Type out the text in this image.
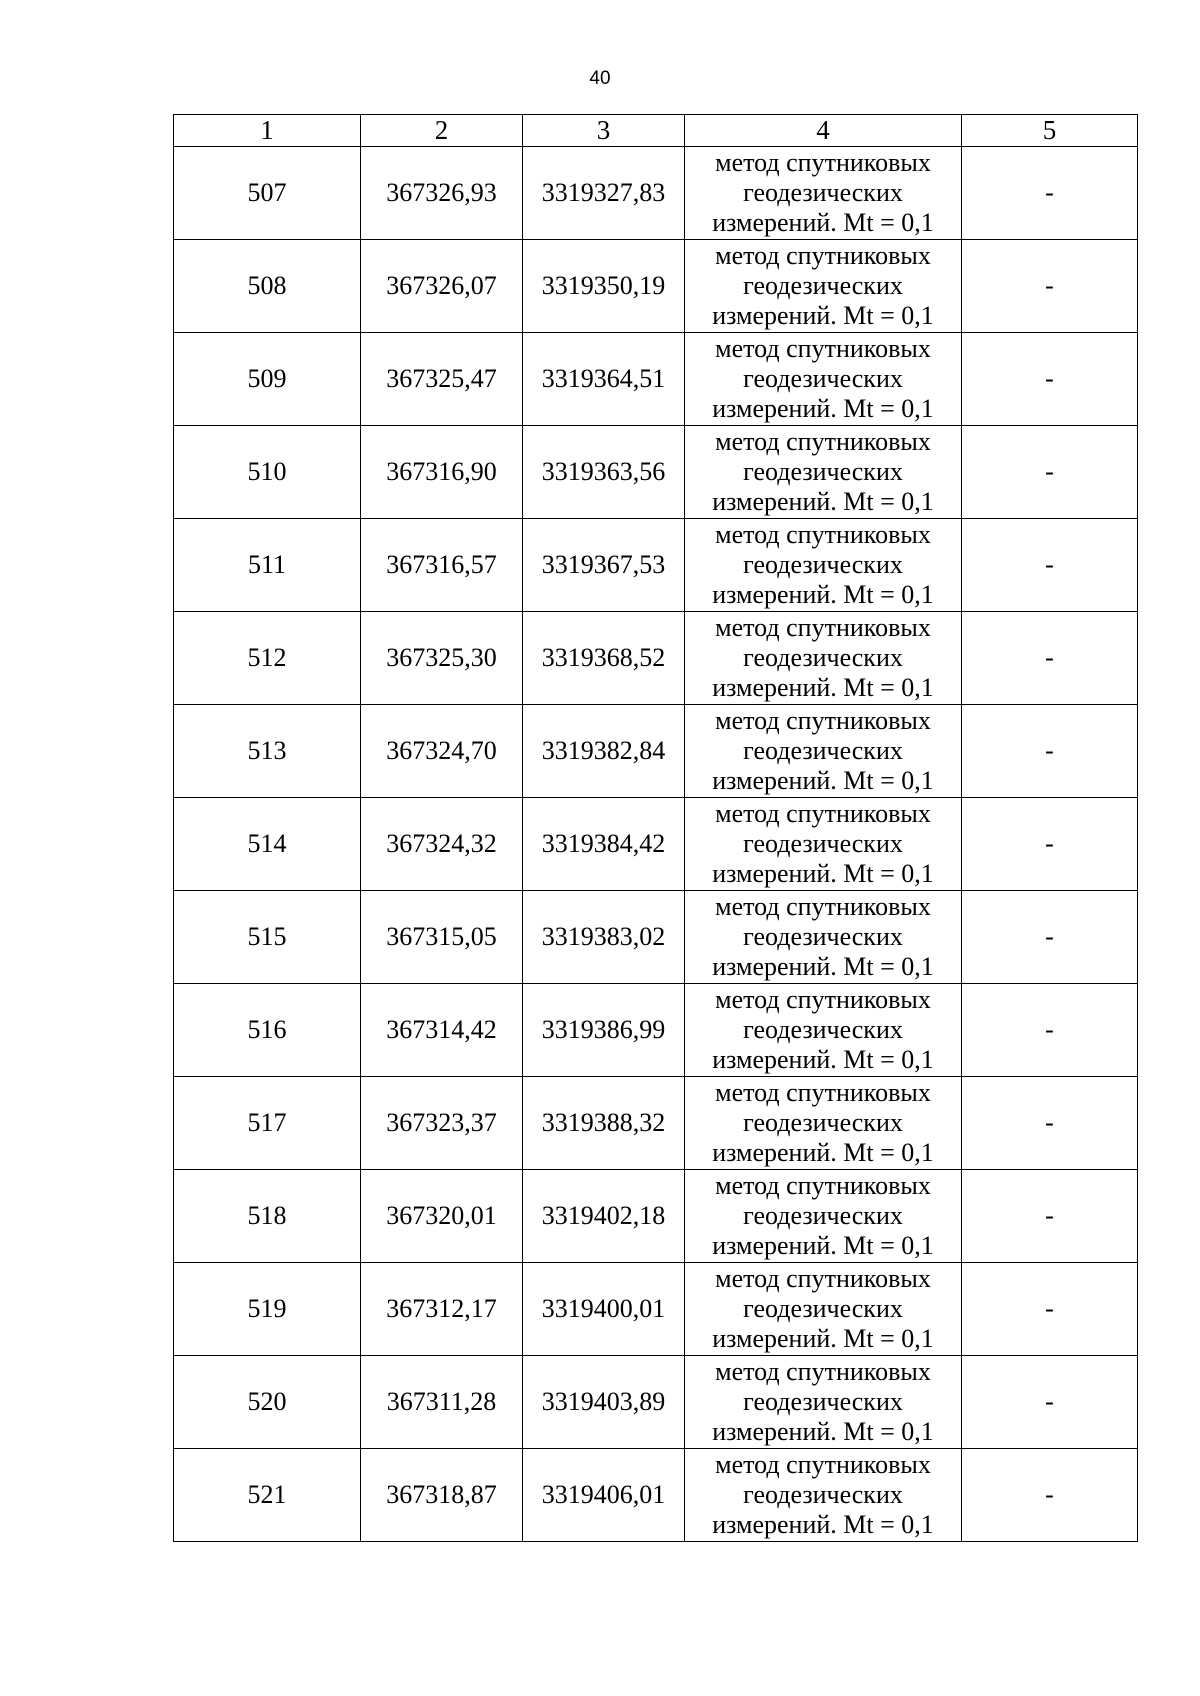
40
1	2	3	4	5
507	367326,93	3319327,83	метод спутниковых геодезических измерений. Mt = 0,1	-
508	367326,07	3319350,19	метод спутниковых геодезических измерений. Mt = 0,1	-
509	367325,47	3319364,51	метод спутниковых геодезических измерений. Mt = 0,1	-
510	367316,90	3319363,56	метод спутниковых геодезических измерений. Mt = 0,1	-
511	367316,57	3319367,53	метод спутниковых геодезических измерений. Mt = 0,1	-
512	367325,30	3319368,52	метод спутниковых геодезических измерений. Mt = 0,1	-
513	367324,70	3319382,84	метод спутниковых геодезических измерений. Mt = 0,1	-
514	367324,32	3319384,42	метод спутниковых геодезических измерений. Mt = 0,1	-
515	367315,05	3319383,02	метод спутниковых геодезических измерений. Mt = 0,1	-
516	367314,42	3319386,99	метод спутниковых геодезических измерений. Mt = 0,1	-
517	367323,37	3319388,32	метод спутниковых геодезических измерений. Mt = 0,1	-
518	367320,01	3319402,18	метод спутниковых геодезических измерений. Mt = 0,1	-
519	367312,17	3319400,01	метод спутниковых геодезических измерений. Mt = 0,1	-
520	367311,28	3319403,89	метод спутниковых геодезических измерений. Mt = 0,1	-
521	367318,87	3319406,01	метод спутниковых геодезических измерений. Mt = 0,1	-
